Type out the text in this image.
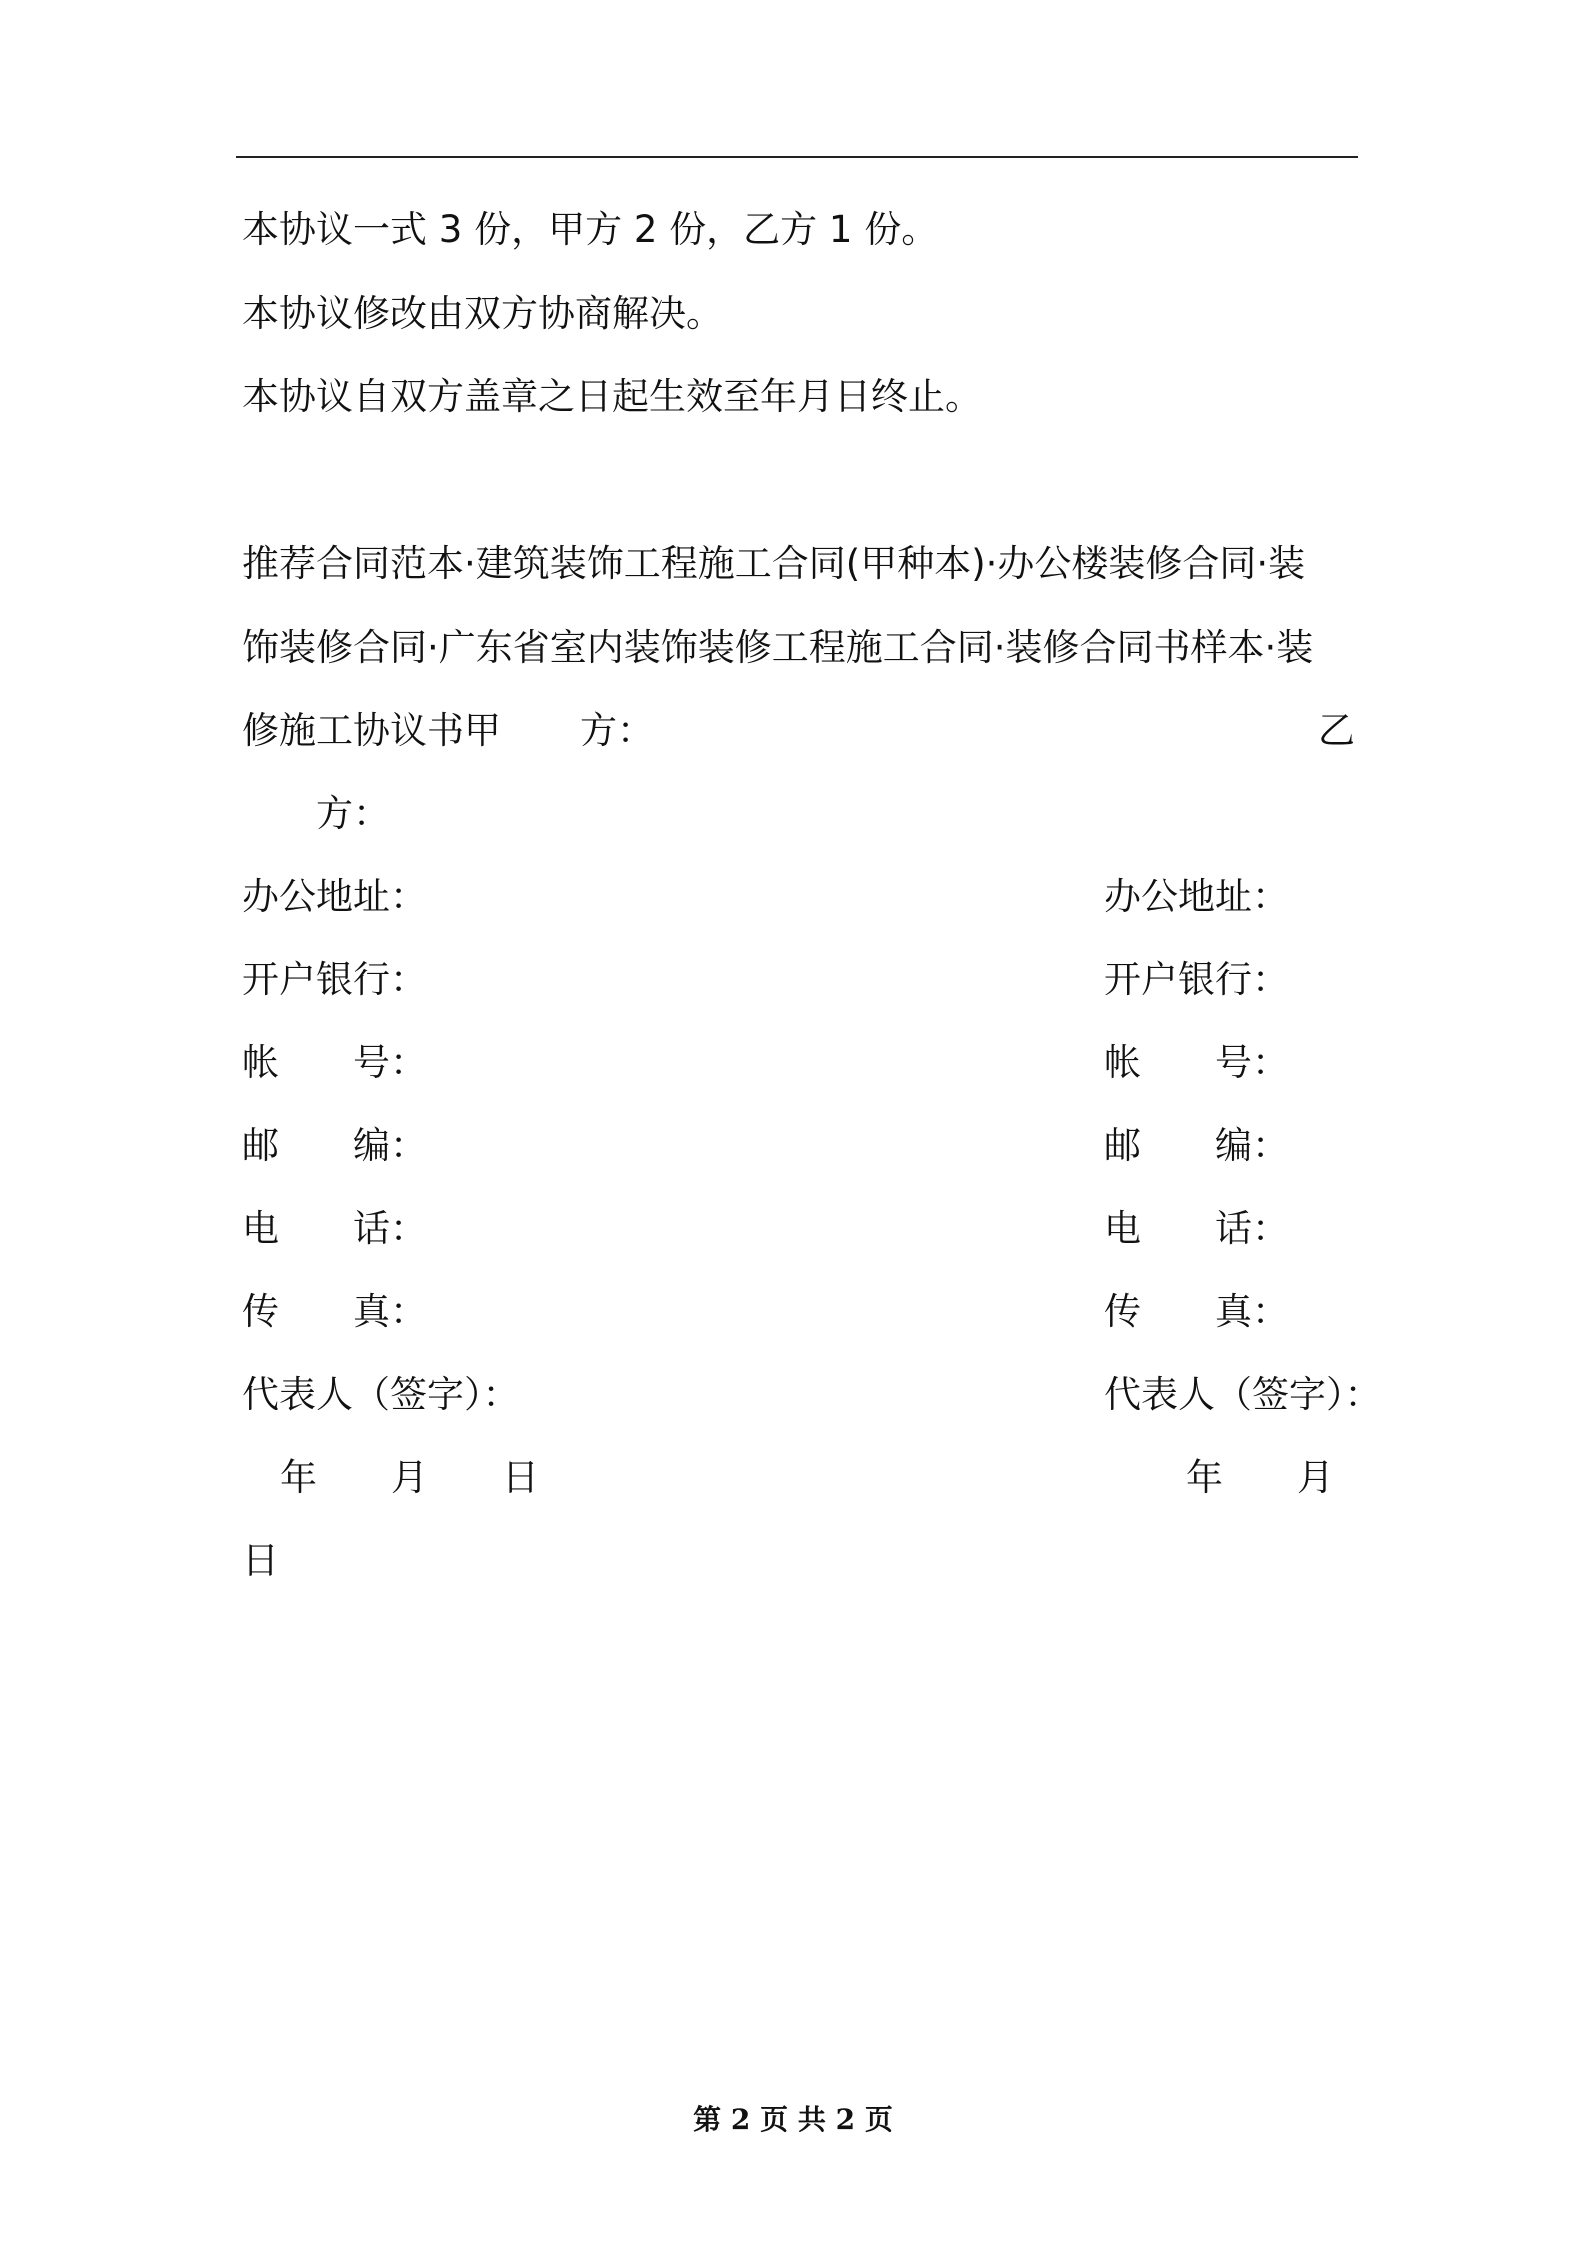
本协议一式 3 份，甲方 2 份，乙方 1 份。
本协议修改由双方协商解决。
本协议自双方盖章之日起生效至年月日终止。
推荐合同范本·建筑装饰工程施工合同(甲种本)·办公楼装修合同·装
饰装修合同·广东省室内装饰装修工程施工合同·装修合同书样本·装
修施工协议书甲 方：	乙
方：
办公地址：
开户银行：
帐　　号：
邮　　编：
电　　话：
传　　真：
代表人（签字）：
办公地址：
开户银行：
帐　　号：
邮　　编：
电　　话：
传　　真：
代表人（签字）：
年　　月　　日	年　　月
日
第 2 页 共 2 页
